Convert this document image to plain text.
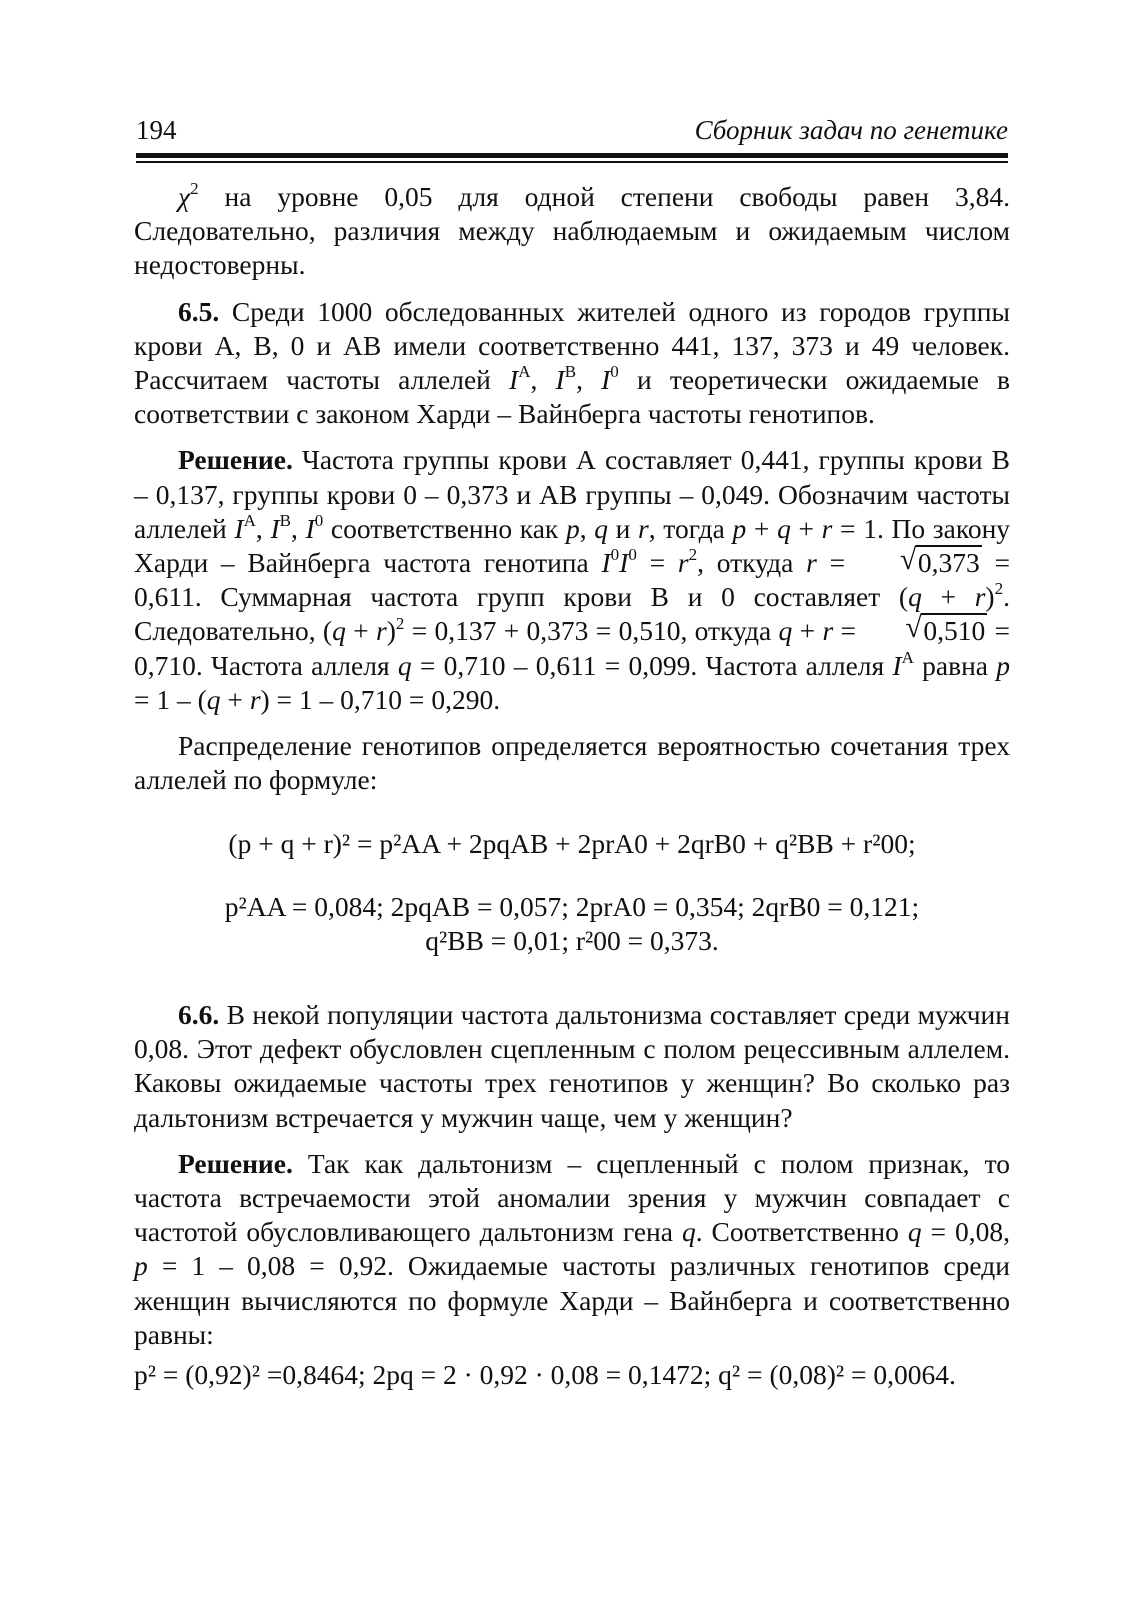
194	Сборник задач по генетике

$\chi^2$ на уровне 0,05 для одной степени свободы равен 3,84. Следовательно, различия между наблюдаемым и ожидаемым числом недостоверны.

6.5. Среди 1000 обследованных жителей одного из городов группы крови А, В, 0 и АВ имели соответственно 441, 137, 373 и 49 человек. Рассчитаем частоты аллелей $I^A$, $I^B$, $I^0$ и теоретически ожидаемые в соответствии с законом Харди – Вайнберга частоты генотипов.

Решение. Частота группы крови А составляет 0,441, группы крови В – 0,137, группы крови 0 – 0,373 и АВ группы – 0,049. Обозначим частоты аллелей $I^A$, $I^B$, $I^0$ соответственно как p, q и r, тогда p + q + r = 1. По закону Харди – Вайнберга частота генотипа $I^0I^0 = r^2$, откуда r = √ 0,373 = 0,611. Суммарная частота групп крови В и 0 составляет $(q + r)^2$. Следовательно, $(q + r)^2 = 0,137 + 0,373 = 0,510$, откуда q + r = √ 0,510 = 0,710. Частота аллеля q = 0,710 – 0,611 = 0,099. Частота аллеля $I^A$ равна p = 1 – (q + r) = 1 – 0,710 = 0,290.

Распределение генотипов определяется вероятностью сочетания трех аллелей по формуле:

(p + q + r)² = p²AA + 2pqAB + 2prA0 + 2qrB0 + q²BB + r²00;
p²AA = 0,084; 2pqAB = 0,057; 2prA0 = 0,354; 2qrB0 = 0,121;
q²BB = 0,01; r²00 = 0,373.

6.6. В некой популяции частота дальтонизма составляет среди мужчин 0,08. Этот дефект обусловлен сцепленным с полом рецессивным аллелем. Каковы ожидаемые частоты трех генотипов у женщин? Во сколько раз дальтонизм встречается у мужчин чаще, чем у женщин?

Решение. Так как дальтонизм – сцепленный с полом признак, то частота встречаемости этой аномалии зрения у мужчин совпадает с частотой обусловливающего дальтонизм гена q. Соответственно q = 0,08, p = 1 – 0,08 = 0,92. Ожидаемые частоты различных генотипов среди женщин вычисляются по формуле Харди – Вайнберга и соответственно равны:

p² = (0,92)² =0,8464; 2pq = 2 · 0,92 · 0,08 = 0,1472; q² = (0,08)² = 0,0064.
